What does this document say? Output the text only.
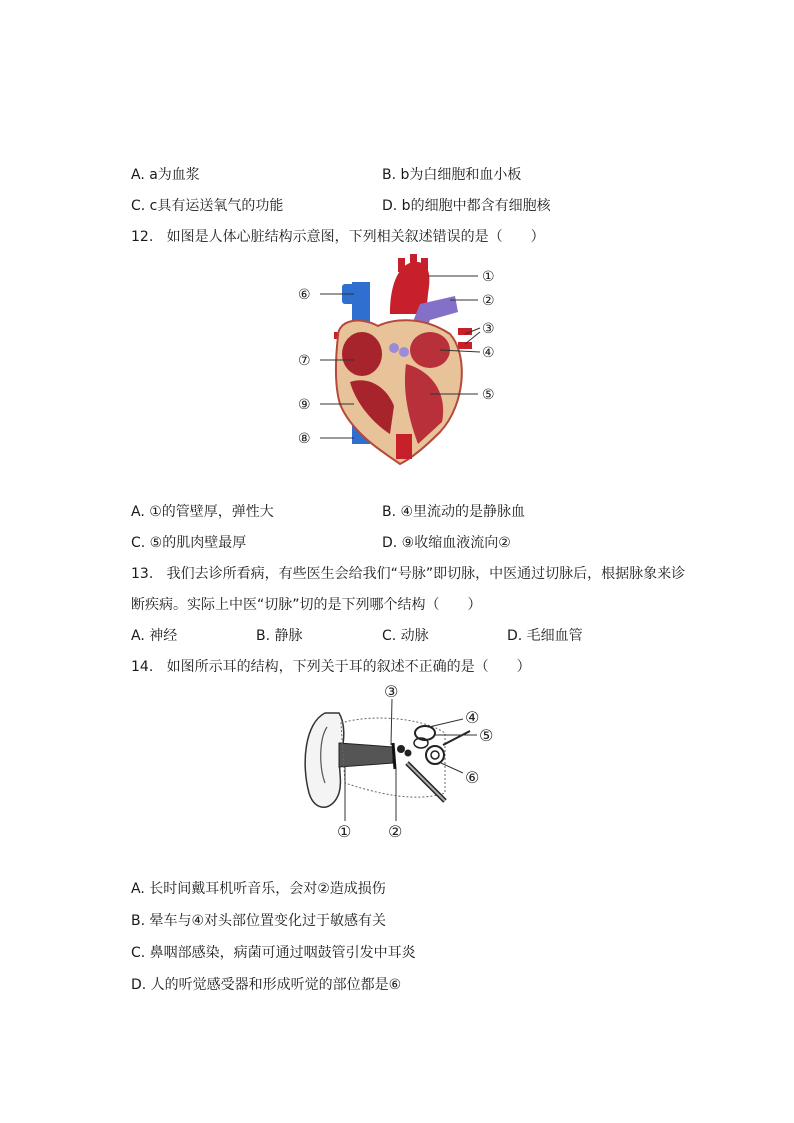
A. a为血浆	B. b为白细胞和血小板
C. c具有运送氧气的功能	D. b的细胞中都含有细胞核
12.   如图是人体心脏结构示意图，下列相关叙述错误的是（　　）
①
②
③
④
⑤
⑥
⑦
⑧
⑨
A. ①的管壁厚，弹性大	B. ④里流动的是静脉血
C. ⑤的肌肉壁最厚	D. ⑨收缩血液流向②
13.   我们去诊所看病，有些医生会给我们“号脉”即切脉，中医通过切脉后，根据脉象来诊
断疾病。实际上中医“切脉”切的是下列哪个结构（　　）
A. 神经	B. 静脉	C. 动脉	D. 毛细血管
14.   如图所示耳的结构，下列关于耳的叙述不正确的是（　　）
① ②
③
④
⑤
⑥
A. 长时间戴耳机听音乐，会对②造成损伤
B. 晕车与④对头部位置变化过于敏感有关
C. 鼻咽部感染，病菌可通过咽鼓管引发中耳炎
D. 人的听觉感受器和形成听觉的部位都是⑥
